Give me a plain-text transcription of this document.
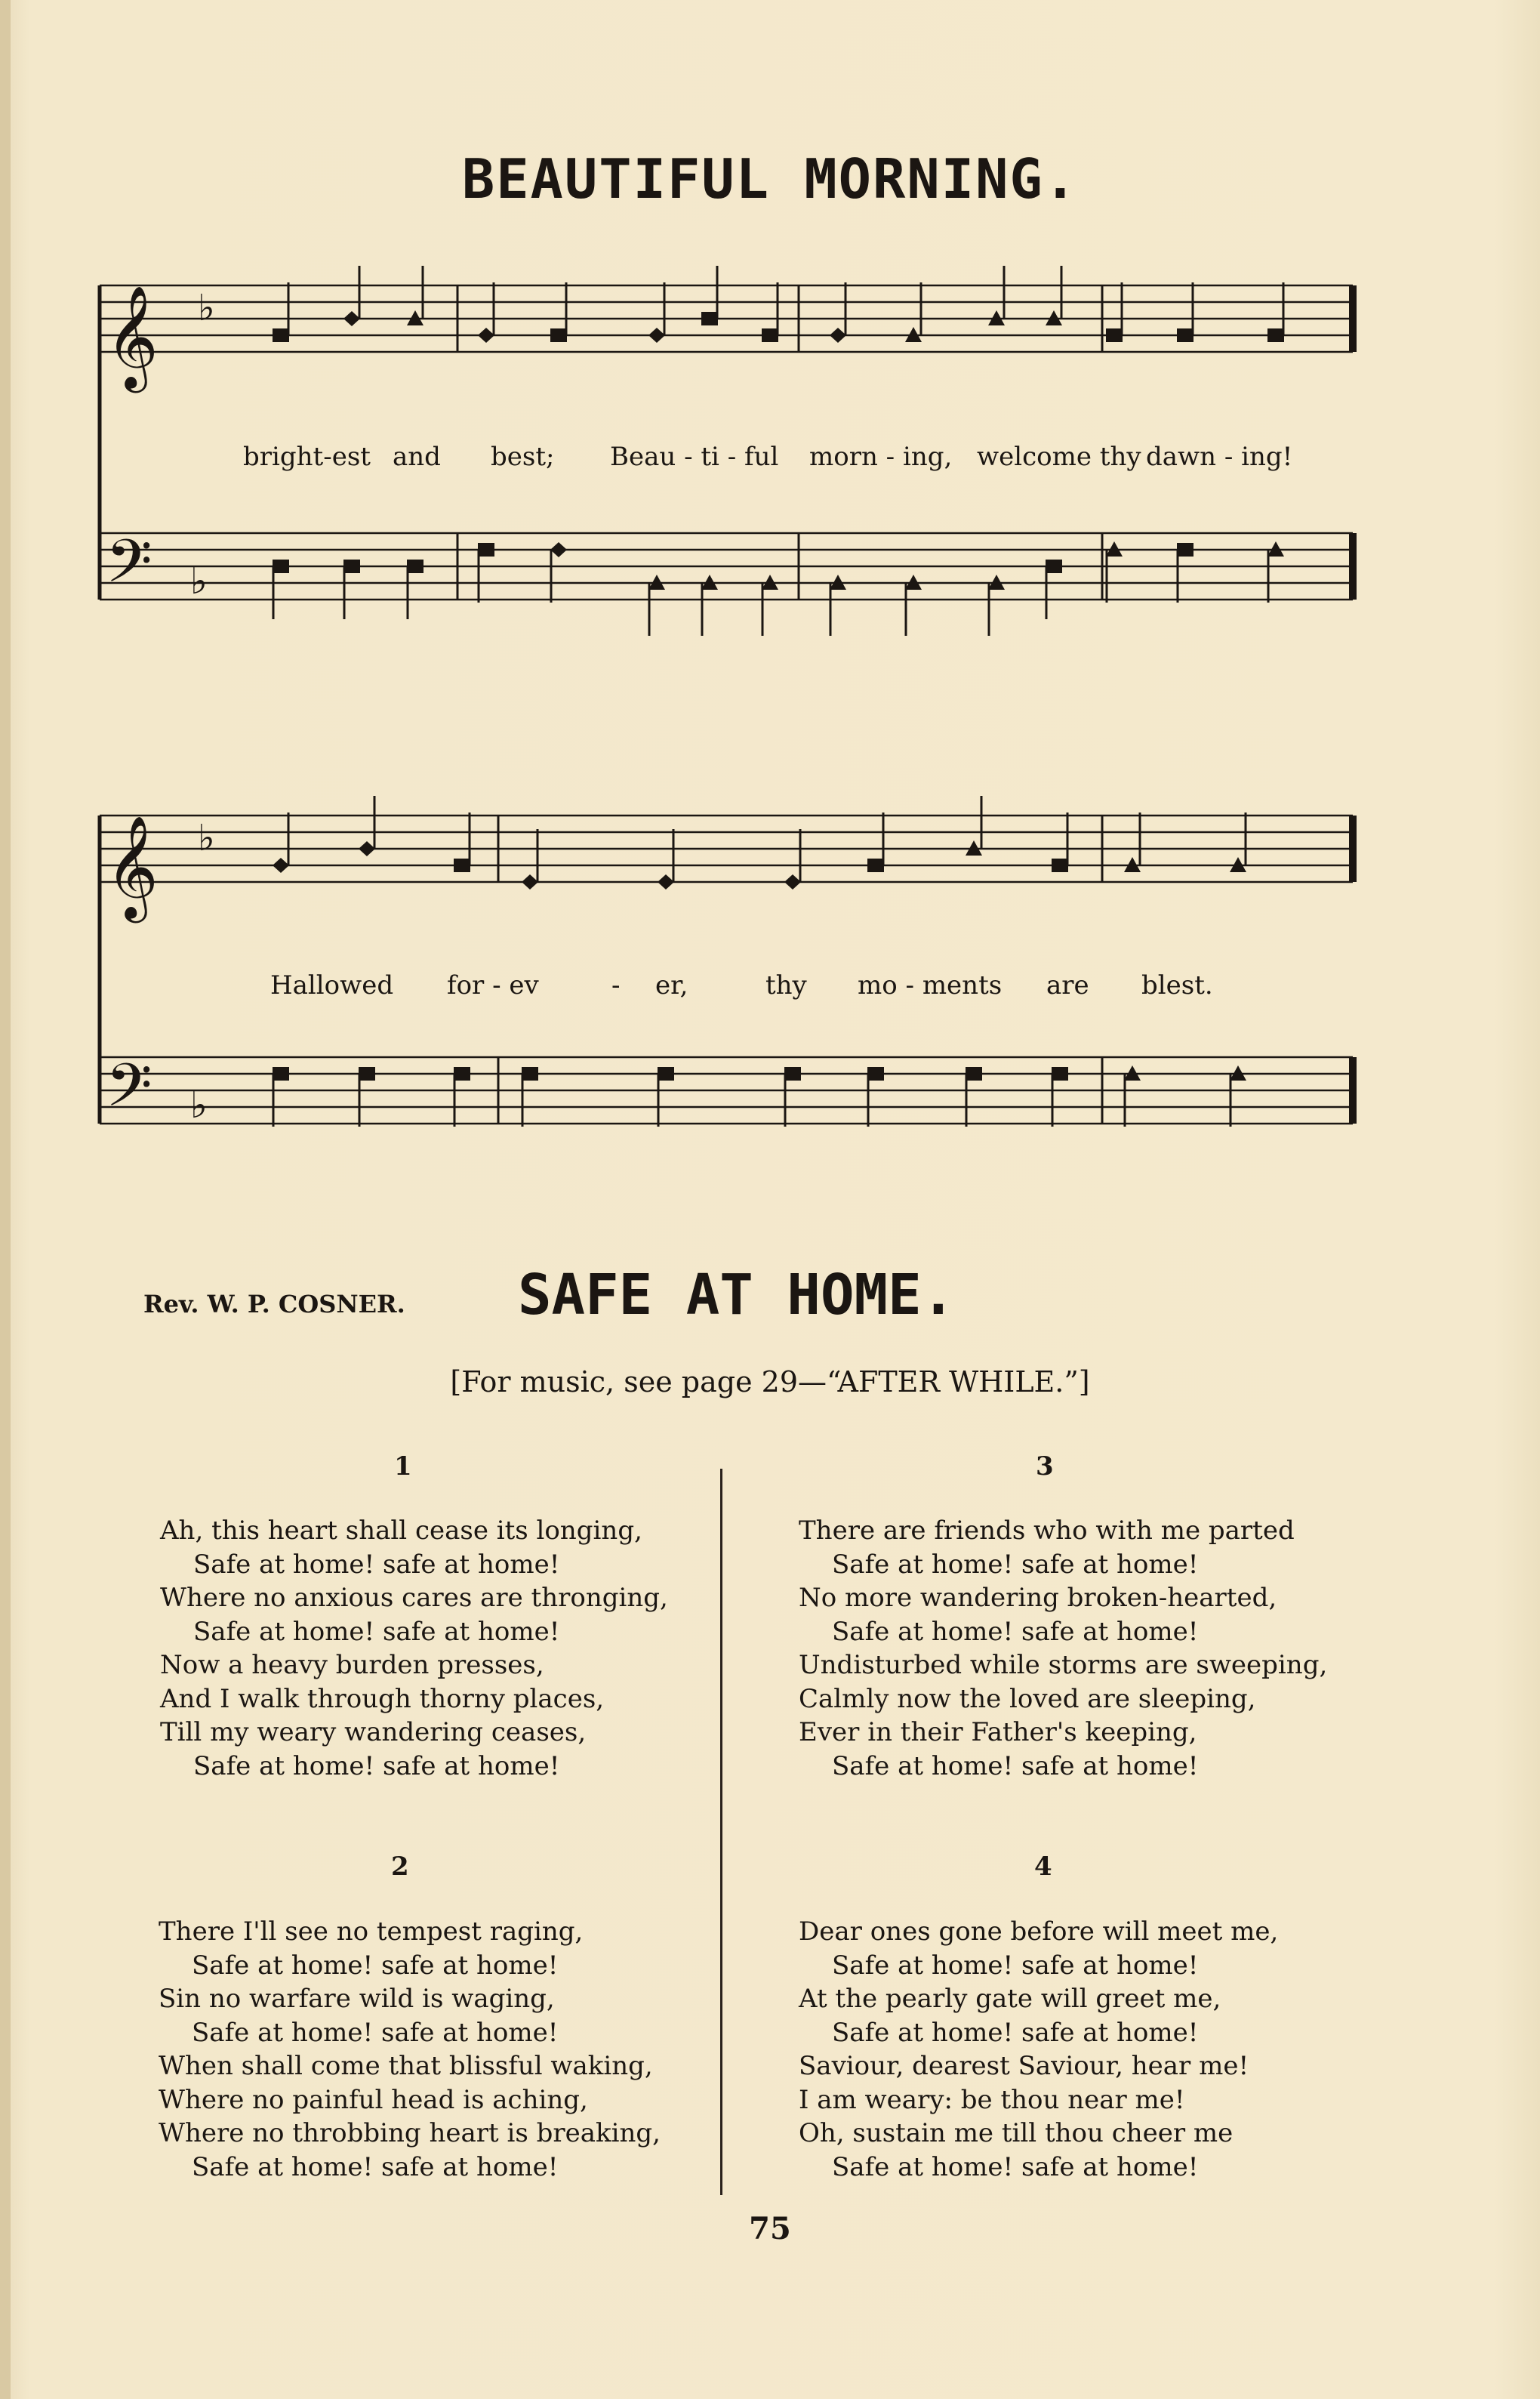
BEAUTIFUL MORNING.
𝄞
𝄢
♭
♭
𝄞
𝄢
♭
♭
bright-est and best; Beau - ti - ful morn - ing, welcome thy dawn - ing!
Hallowed for - ev	- er,	thy mo - ments are blest.
Rev. W. P. COSNER. SAFE AT HOME.
[For music, see page 29—“AFTER WHILE.”]
1
Ah, this heart shall cease its longing,
Safe at home! safe at home!
Where no anxious cares are thronging,
Safe at home! safe at home!
Now a heavy burden presses,
And I walk through thorny places,
Till my weary wandering ceases,
Safe at home! safe at home!
2
There I'll see no tempest raging,
Safe at home! safe at home!
Sin no warfare wild is waging,
Safe at home! safe at home!
When shall come that blissful waking,
Where no painful head is aching,
Where no throbbing heart is breaking,
Safe at home! safe at home!
3
There are friends who with me parted
Safe at home! safe at home!
No more wandering broken-hearted,
Safe at home! safe at home!
Undisturbed while storms are sweeping,
Calmly now the loved are sleeping,
Ever in their Father's keeping,
Safe at home! safe at home!
4
Dear ones gone before will meet me,
Safe at home! safe at home!
At the pearly gate will greet me,
Safe at home! safe at home!
Saviour, dearest Saviour, hear me!
I am weary: be thou near me!
Oh, sustain me till thou cheer me
Safe at home! safe at home!
75
